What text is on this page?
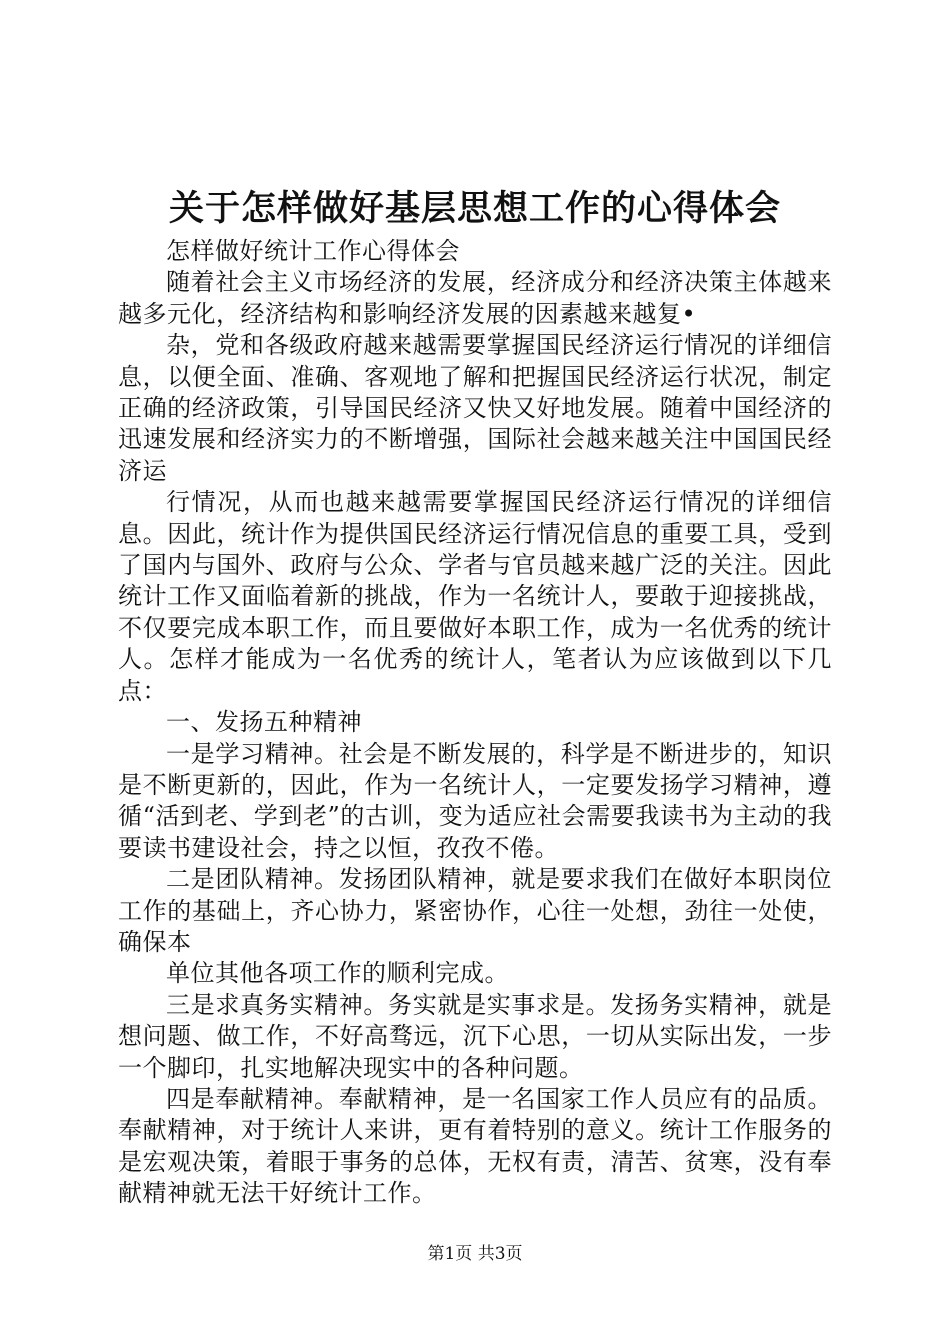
关于怎样做好基层思想工作的心得体会

怎样做好统计工作心得体会

随着社会主义市场经济的发展，经济成分和经济决策主体越来越多元化，经济结构和影响经济发展的因素越来越复•

杂，党和各级政府越来越需要掌握国民经济运行情况的详细信息，以便全面、准确、客观地了解和把握国民经济运行状况，制定正确的经济政策，引导国民经济又快又好地发展。随着中国经济的迅速发展和经济实力的不断增强，国际社会越来越关注中国国民经济运

行情况，从而也越来越需要掌握国民经济运行情况的详细信息。因此，统计作为提供国民经济运行情况信息的重要工具，受到了国内与国外、政府与公众、学者与官员越来越广泛的关注。因此统计工作又面临着新的挑战，作为一名统计人，要敢于迎接挑战，不仅要完成本职工作，而且要做好本职工作，成为一名优秀的统计人。怎样才能成为一名优秀的统计人，笔者认为应该做到以下几点：

一、发扬五种精神

一是学习精神。社会是不断发展的，科学是不断进步的，知识是不断更新的，因此，作为一名统计人，一定要发扬学习精神，遵循“活到老、学到老”的古训，变为适应社会需要我读书为主动的我要读书建设社会，持之以恒，孜孜不倦。

二是团队精神。发扬团队精神，就是要求我们在做好本职岗位工作的基础上，齐心协力，紧密协作，心往一处想，劲往一处使，确保本

单位其他各项工作的顺利完成。

三是求真务实精神。务实就是实事求是。发扬务实精神，就是想问题、做工作，不好高骛远，沉下心思，一切从实际出发，一步一个脚印，扎实地解决现实中的各种问题。

四是奉献精神。奉献精神，是一名国家工作人员应有的品质。奉献精神，对于统计人来讲，更有着特别的意义。统计工作服务的是宏观决策，着眼于事务的总体，无权有责，清苦、贫寒，没有奉献精神就无法干好统计工作。

第1页 共3页
